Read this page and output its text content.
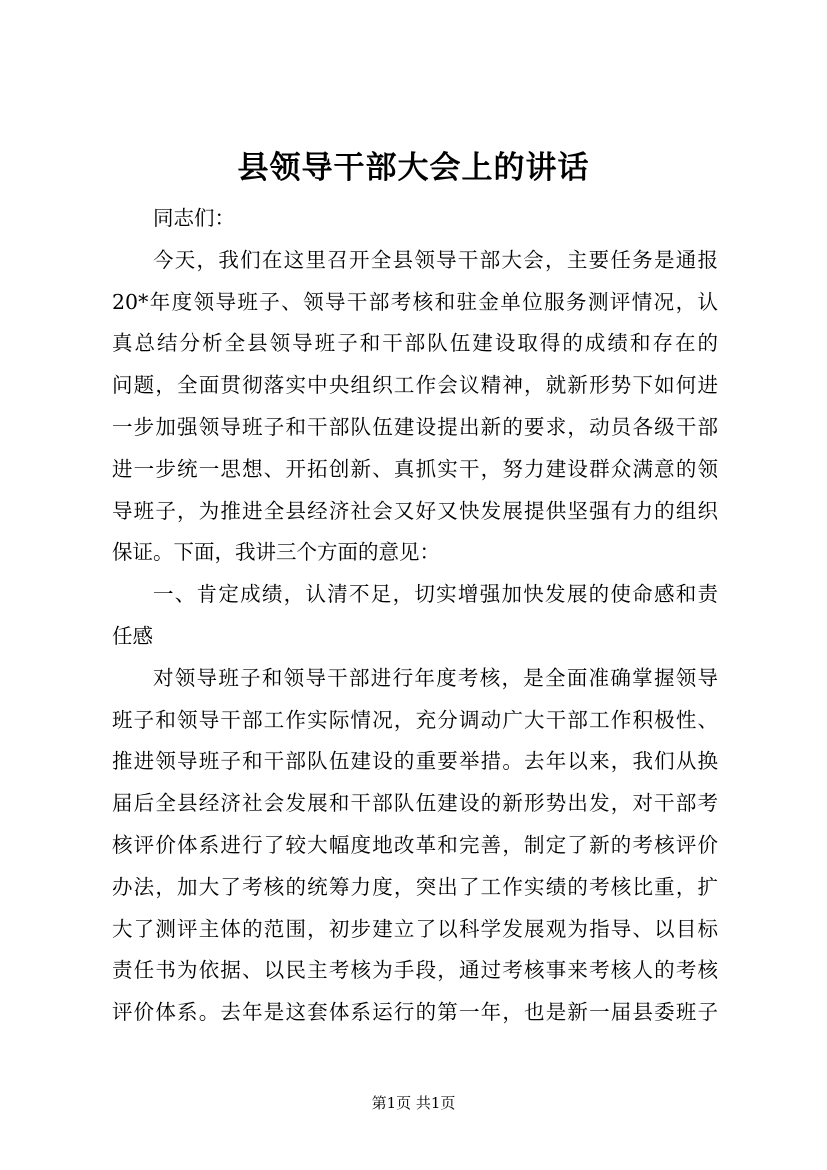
县领导干部大会上的讲话
同志们：
今天，我们在这里召开全县领导干部大会，主要任务是通报
20*年度领导班子、领导干部考核和驻金单位服务测评情况，认
真总结分析全县领导班子和干部队伍建设取得的成绩和存在的
问题，全面贯彻落实中央组织工作会议精神，就新形势下如何进
一步加强领导班子和干部队伍建设提出新的要求，动员各级干部
进一步统一思想、开拓创新、真抓实干，努力建设群众满意的领
导班子，为推进全县经济社会又好又快发展提供坚强有力的组织
保证。下面，我讲三个方面的意见：
一、肯定成绩，认清不足，切实增强加快发展的使命感和责
任感
对领导班子和领导干部进行年度考核，是全面准确掌握领导
班子和领导干部工作实际情况，充分调动广大干部工作积极性、
推进领导班子和干部队伍建设的重要举措。去年以来，我们从换
届后全县经济社会发展和干部队伍建设的新形势出发，对干部考
核评价体系进行了较大幅度地改革和完善，制定了新的考核评价
办法，加大了考核的统筹力度，突出了工作实绩的考核比重，扩
大了测评主体的范围，初步建立了以科学发展观为指导、以目标
责任书为依据、以民主考核为手段，通过考核事来考核人的考核
评价体系。去年是这套体系运行的第一年，也是新一届县委班子
第1页 共1页
